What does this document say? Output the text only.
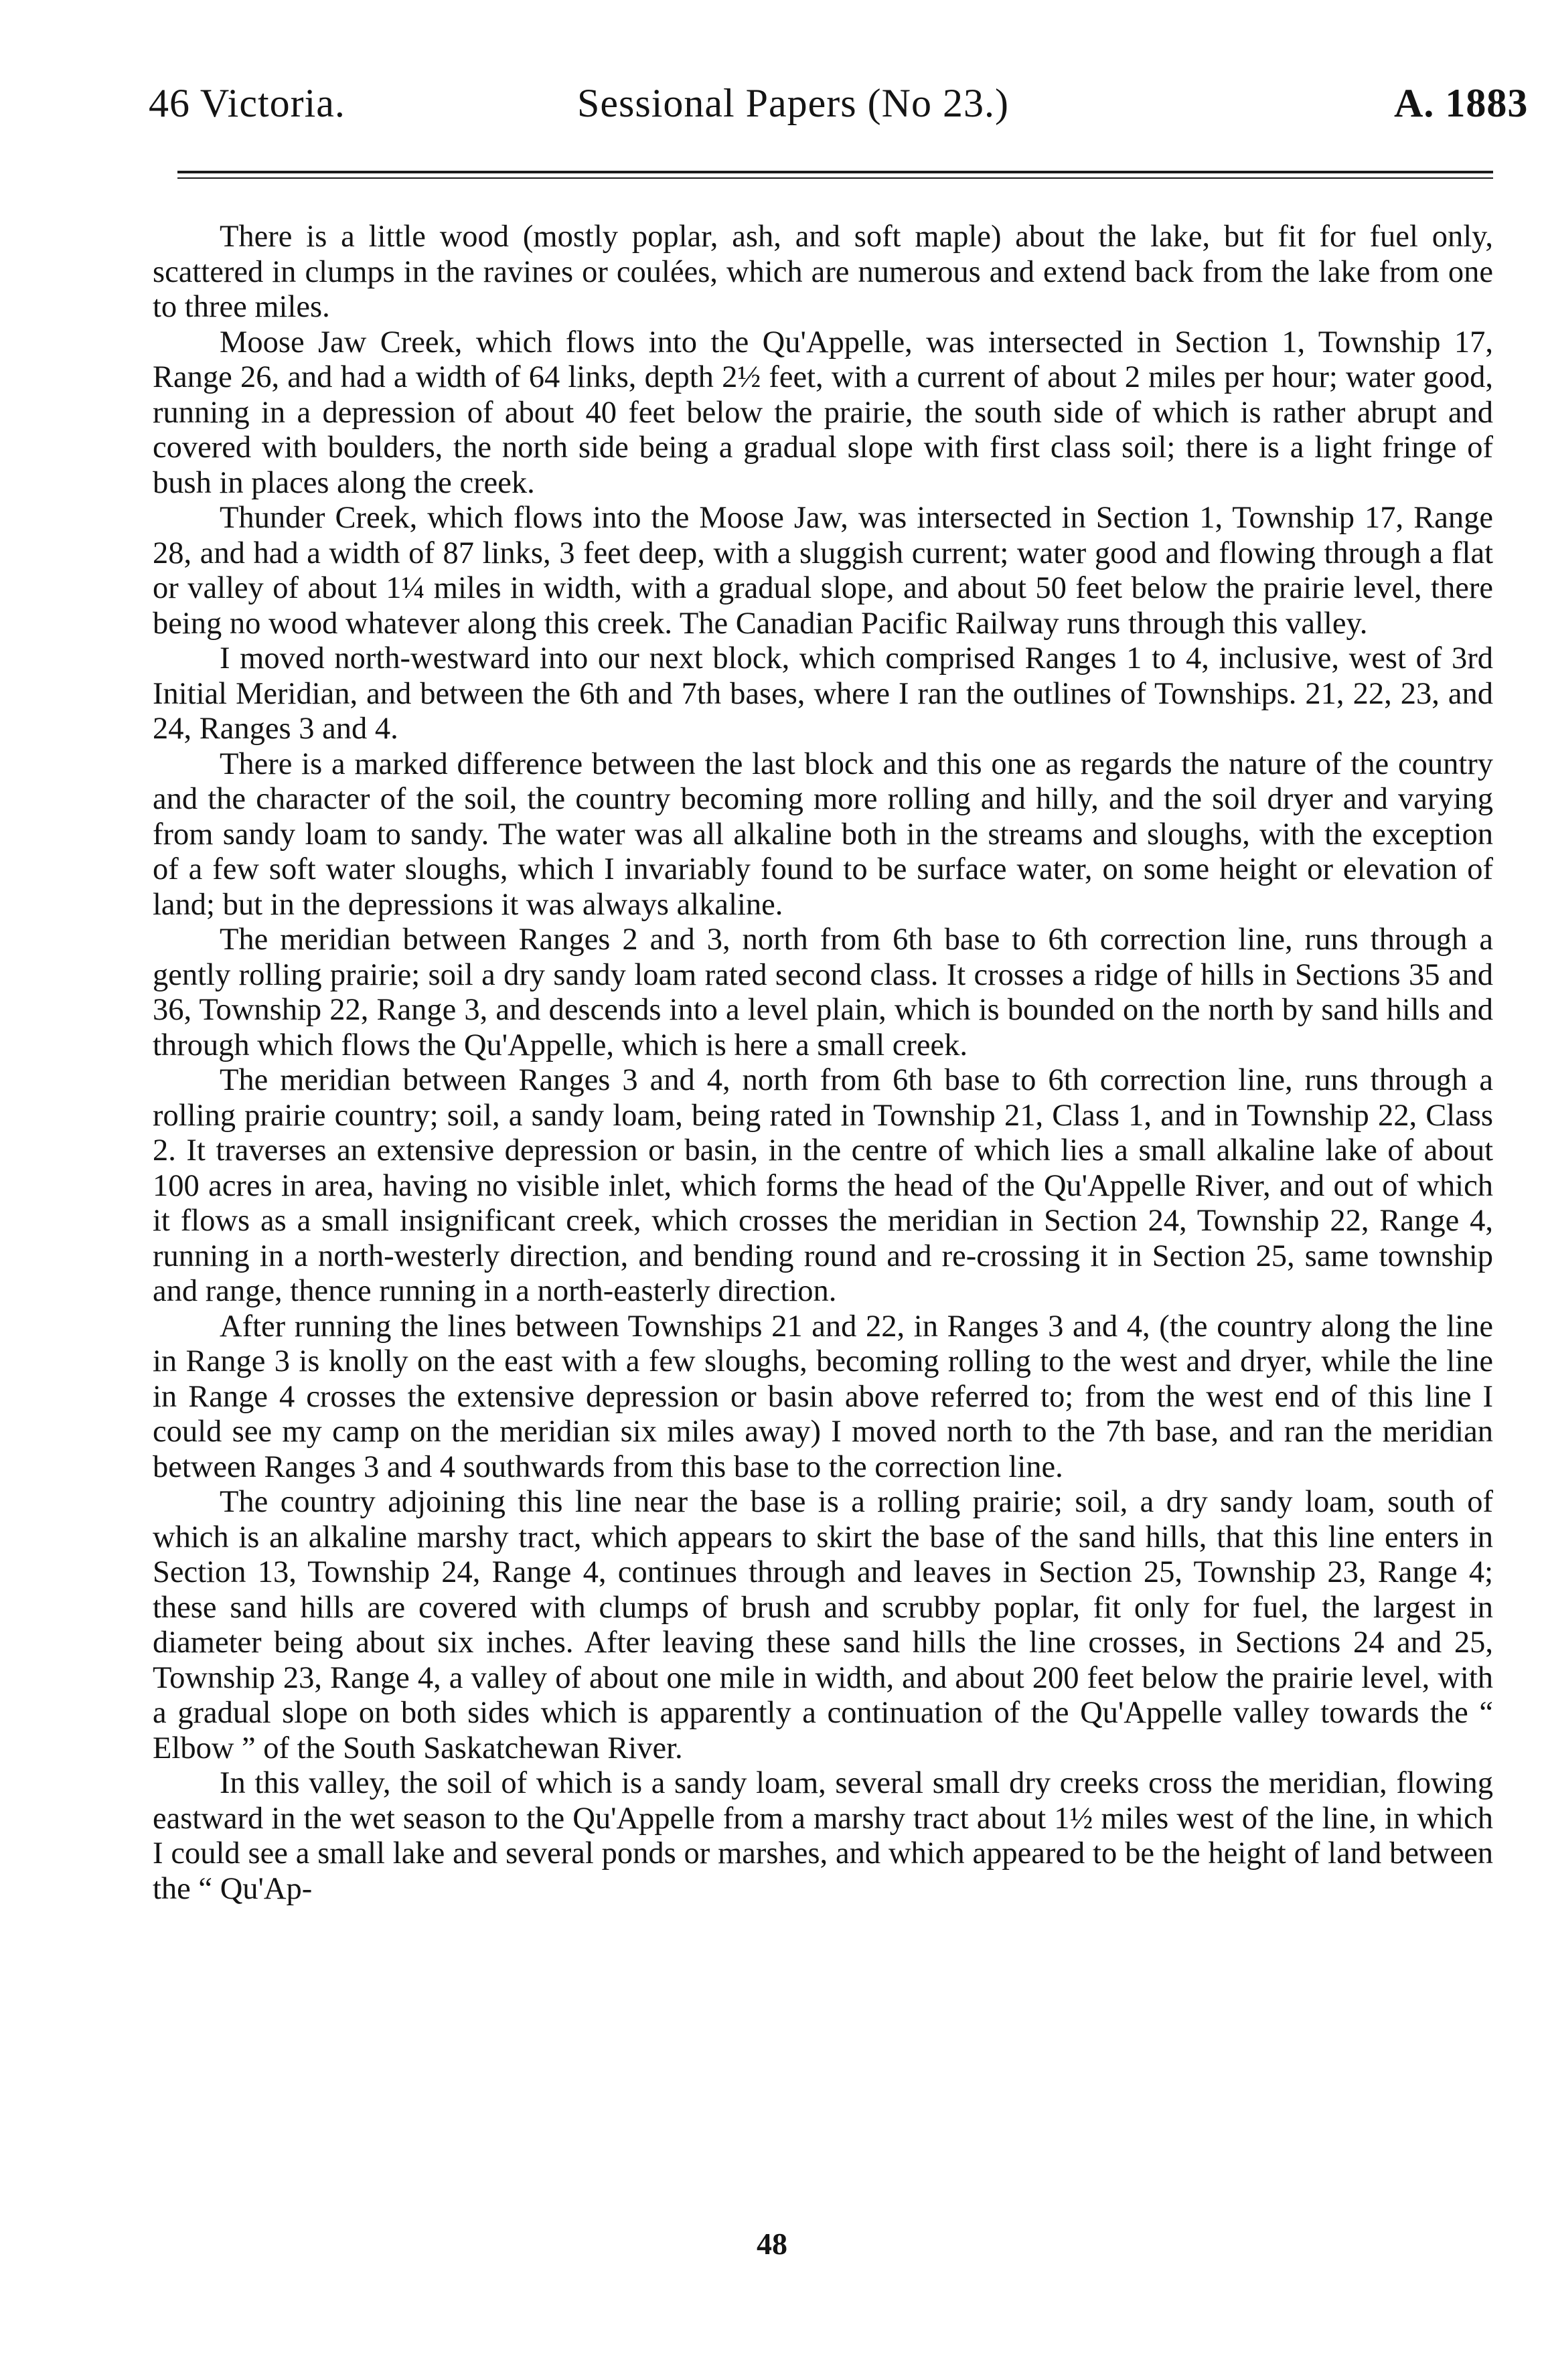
46 Victoria.	Sessional Papers (No 23.)	A. 1883

There is a little wood (mostly poplar, ash, and soft maple) about the lake, but fit for fuel only, scattered in clumps in the ravines or coulées, which are numerous and extend back from the lake from one to three miles.

Moose Jaw Creek, which flows into the Qu'Appelle, was intersected in Section 1, Township 17, Range 26, and had a width of 64 links, depth 2½ feet, with a current of about 2 miles per hour; water good, running in a depression of about 40 feet below the prairie, the south side of which is rather abrupt and covered with boulders, the north side being a gradual slope with first class soil; there is a light fringe of bush in places along the creek.

Thunder Creek, which flows into the Moose Jaw, was intersected in Section 1, Township 17, Range 28, and had a width of 87 links, 3 feet deep, with a sluggish current; water good and flowing through a flat or valley of about 1¼ miles in width, with a gradual slope, and about 50 feet below the prairie level, there being no wood whatever along this creek. The Canadian Pacific Railway runs through this valley.

I moved north-westward into our next block, which comprised Ranges 1 to 4, inclusive, west of 3rd Initial Meridian, and between the 6th and 7th bases, where I ran the outlines of Townships. 21, 22, 23, and 24, Ranges 3 and 4.

There is a marked difference between the last block and this one as regards the nature of the country and the character of the soil, the country becoming more rolling and hilly, and the soil dryer and varying from sandy loam to sandy. The water was all alkaline both in the streams and sloughs, with the exception of a few soft water sloughs, which I invariably found to be surface water, on some height or elevation of land; but in the depressions it was always alkaline.

The meridian between Ranges 2 and 3, north from 6th base to 6th correction line, runs through a gently rolling prairie; soil a dry sandy loam rated second class. It crosses a ridge of hills in Sections 35 and 36, Township 22, Range 3, and descends into a level plain, which is bounded on the north by sand hills and through which flows the Qu'Appelle, which is here a small creek.

The meridian between Ranges 3 and 4, north from 6th base to 6th correction line, runs through a rolling prairie country; soil, a sandy loam, being rated in Township 21, Class 1, and in Township 22, Class 2. It traverses an extensive depression or basin, in the centre of which lies a small alkaline lake of about 100 acres in area, having no visible inlet, which forms the head of the Qu'Appelle River, and out of which it flows as a small insignificant creek, which crosses the meridian in Section 24, Township 22, Range 4, running in a north-westerly direction, and bending round and re-crossing it in Section 25, same township and range, thence running in a north-easterly direction.

After running the lines between Townships 21 and 22, in Ranges 3 and 4, (the country along the line in Range 3 is knolly on the east with a few sloughs, becoming rolling to the west and dryer, while the line in Range 4 crosses the extensive depression or basin above referred to; from the west end of this line I could see my camp on the meridian six miles away) I moved north to the 7th base, and ran the meridian between Ranges 3 and 4 southwards from this base to the correction line.

The country adjoining this line near the base is a rolling prairie; soil, a dry sandy loam, south of which is an alkaline marshy tract, which appears to skirt the base of the sand hills, that this line enters in Section 13, Township 24, Range 4, continues through and leaves in Section 25, Township 23, Range 4; these sand hills are covered with clumps of brush and scrubby poplar, fit only for fuel, the largest in diameter being about six inches. After leaving these sand hills the line crosses, in Sections 24 and 25, Township 23, Range 4, a valley of about one mile in width, and about 200 feet below the prairie level, with a gradual slope on both sides which is apparently a continuation of the Qu'Appelle valley towards the “ Elbow ” of the South Saskatchewan River.

In this valley, the soil of which is a sandy loam, several small dry creeks cross the meridian, flowing eastward in the wet season to the Qu'Appelle from a marshy tract about 1½ miles west of the line, in which I could see a small lake and several ponds or marshes, and which appeared to be the height of land between the “ Qu'Ap-

48
